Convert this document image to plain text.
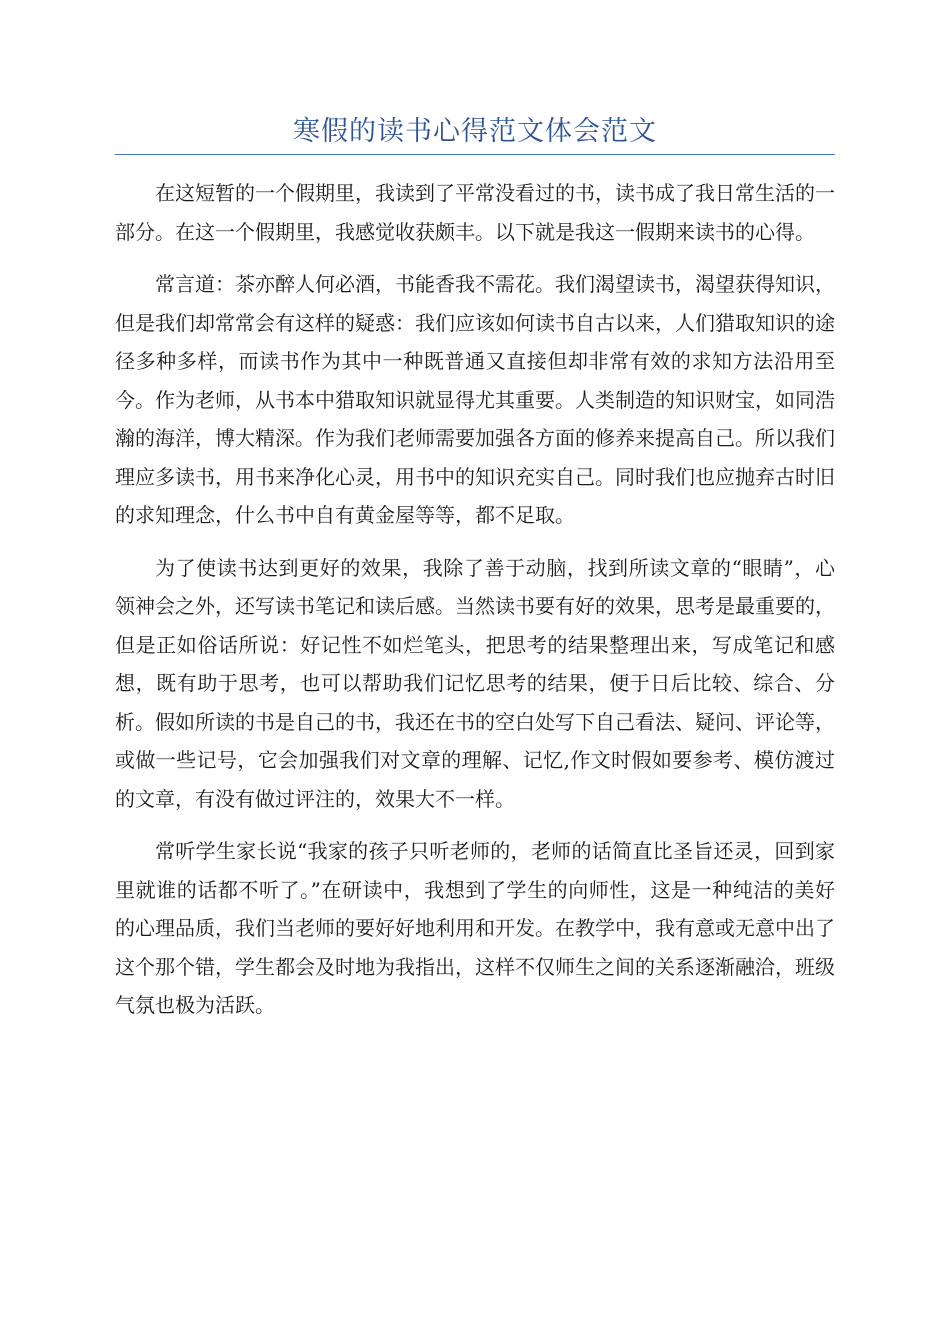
寒假的读书心得范文体会范文

在这短暂的一个假期里，我读到了平常没看过的书，读书成了我日常生活的一部分。在这一个假期里，我感觉收获颇丰。以下就是我这一假期来读书的心得。

常言道：茶亦醉人何必酒，书能香我不需花。我们渴望读书，渴望获得知识，但是我们却常常会有这样的疑惑：我们应该如何读书自古以来，人们猎取知识的途径多种多样，而读书作为其中一种既普通又直接但却非常有效的求知方法沿用至今。作为老师，从书本中猎取知识就显得尤其重要。人类制造的知识财宝，如同浩瀚的海洋，博大精深。作为我们老师需要加强各方面的修养来提高自己。所以我们理应多读书，用书来净化心灵，用书中的知识充实自己。同时我们也应抛弃古时旧的求知理念，什么书中自有黄金屋等等，都不足取。

为了使读书达到更好的效果，我除了善于动脑，找到所读文章的“眼睛”，心领神会之外，还写读书笔记和读后感。当然读书要有好的效果，思考是最重要的，但是正如俗话所说：好记性不如烂笔头，把思考的结果整理出来，写成笔记和感想，既有助于思考，也可以帮助我们记忆思考的结果，便于日后比较、综合、分析。假如所读的书是自己的书，我还在书的空白处写下自己看法、疑问、评论等，或做一些记号，它会加强我们对文章的理解、记忆,作文时假如要参考、模仿渡过的文章，有没有做过评注的，效果大不一样。

常听学生家长说“我家的孩子只听老师的，老师的话简直比圣旨还灵，回到家里就谁的话都不听了。”在研读中，我想到了学生的向师性，这是一种纯洁的美好的心理品质，我们当老师的要好好地利用和开发。在教学中，我有意或无意中出了这个那个错，学生都会及时地为我指出，这样不仅师生之间的关系逐渐融洽，班级气氛也极为活跃。
